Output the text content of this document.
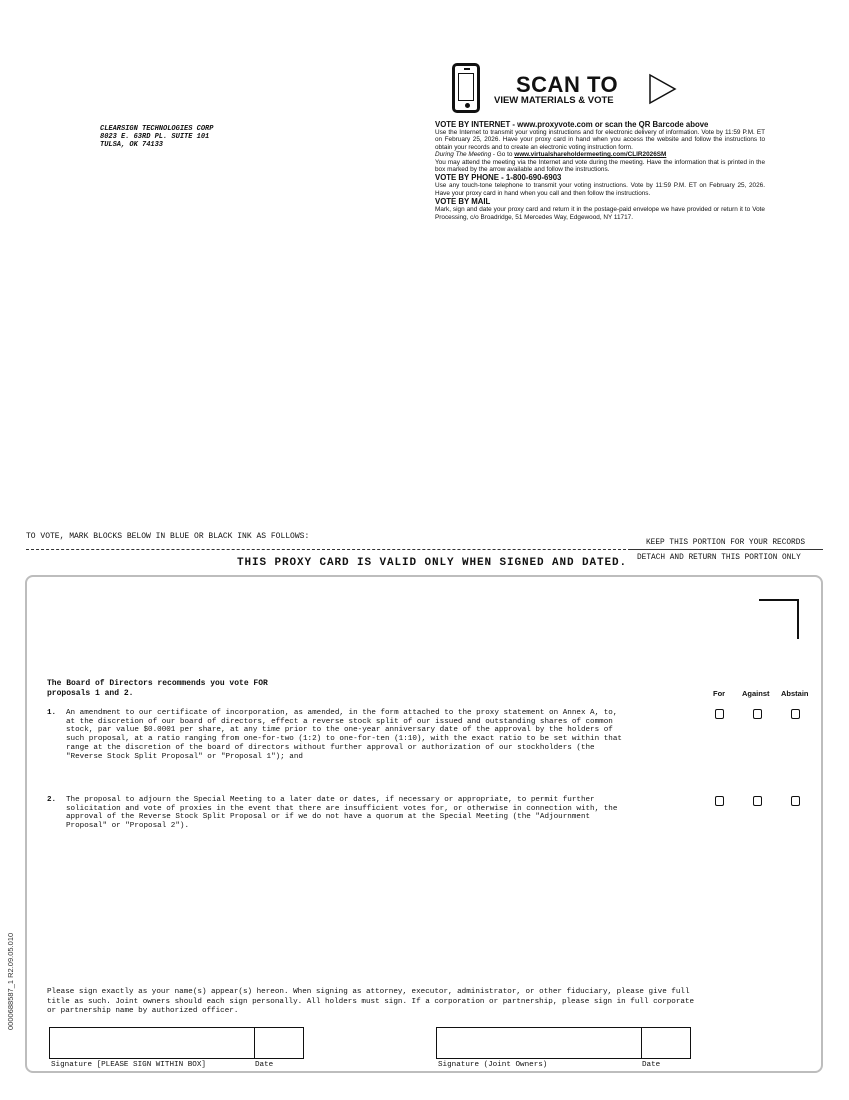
CLEARSIGN TECHNOLOGIES CORP
8023 E. 63RD PL. SUITE 101
TULSA, OK 74133
SCAN TO
VIEW MATERIALS & VOTE
VOTE BY INTERNET - www.proxyvote.com or scan the QR Barcode above

Use the Internet to transmit your voting instructions and for electronic delivery of information. Vote by 11:59 P.M. ET on February 25, 2026. Have your proxy card in hand when you access the website and follow the instructions to obtain your records and to create an electronic voting instruction form.

During The Meeting - Go to www.virtualshareholdermeeting.com/CLIR2026SM

You may attend the meeting via the Internet and vote during the meeting. Have the information that is printed in the box marked by the arrow available and follow the instructions.

VOTE BY PHONE - 1-800-690-6903

Use any touch-tone telephone to transmit your voting instructions. Vote by 11:59 P.M. ET on February 25, 2026. Have your proxy card in hand when you call and then follow the instructions.

VOTE BY MAIL

Mark, sign and date your proxy card and return it in the postage-paid envelope we have provided or return it to Vote Processing, c/o Broadridge, 51 Mercedes Way, Edgewood, NY 11717.

TO VOTE, MARK BLOCKS BELOW IN BLUE OR BLACK INK AS FOLLOWS:
KEEP THIS PORTION FOR YOUR RECORDS
DETACH AND RETURN THIS PORTION ONLY
THIS PROXY CARD IS VALID ONLY WHEN SIGNED AND DATED.
The Board of Directors recommends you vote FOR
proposals 1 and 2.	For Against Abstain
1. An amendment to our certificate of incorporation, as amended, in the form attached to the proxy statement on Annex A, to, at the discretion of our board of directors, effect a reverse stock split of our issued and outstanding shares of common stock, par value $0.0001 per share, at any time prior to the one-year anniversary date of the approval by the holders of such proposal, at a ratio ranging from one-for-two (1:2) to one-for-ten (1:10), with the exact ratio to be set within that range at the discretion of the board of directors without further approval or authorization of our stockholders (the "Reverse Stock Split Proposal" or "Proposal 1"); and
2. The proposal to adjourn the Special Meeting to a later date or dates, if necessary or appropriate, to permit further solicitation and vote of proxies in the event that there are insufficient votes for, or otherwise in connection with, the approval of the Reverse Stock Split Proposal or if we do not have a quorum at the Special Meeting (the "Adjournment Proposal" or "Proposal 2").
Please sign exactly as your name(s) appear(s) hereon. When signing as attorney, executor, administrator, or other fiduciary, please give full title as such. Joint owners should each sign personally. All holders must sign. If a corporation or partnership, please sign in full corporate or partnership name by authorized officer.
Signature [PLEASE SIGN WITHIN BOX]	Date	Signature (Joint Owners)	Date
0000688587_1 R2.09.05.010
